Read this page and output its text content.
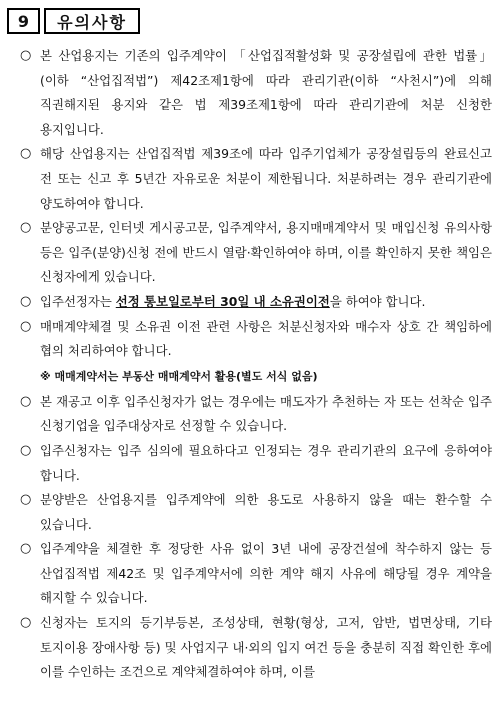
9	유의사항
○ 본 산업용지는 기존의 입주계약이 「산업집적활성화 및 공장설립에 관한 법률」(이하 “산업집적법”) 제42조제1항에 따라 관리기관(이하 “사천시”)에 의해 직권해지된 용지와 같은 법 제39조제1항에 따라 관리기관에 처분 신청한 용지입니다.
○ 해당 산업용지는 산업집적법 제39조에 따라 입주기업체가 공장설립등의 완료신고 전 또는 신고 후 5년간 자유로운 처분이 제한됩니다. 처분하려는 경우 관리기관에 양도하여야 합니다.
○ 분양공고문, 인터넷 게시공고문, 입주계약서, 용지매매계약서 및 매입신청 유의사항 등은 입주(분양)신청 전에 반드시 열람·확인하여야 하며, 이를 확인하지 못한 책임은 신청자에게 있습니다.
○ 입주선정자는 선정 통보일로부터 30일 내 소유권이전을 하여야 합니다.
○ 매매계약체결 및 소유권 이전 관련 사항은 처분신청자와 매수자 상호 간 책임하에 협의 처리하여야 합니다.
※ 매매계약서는 부동산 매매계약서 활용(별도 서식 없음)
○ 본 재공고 이후 입주신청자가 없는 경우에는 매도자가 추천하는 자 또는 선착순 입주 신청기업을 입주대상자로 선정할 수 있습니다.
○ 입주신청자는 입주 심의에 필요하다고 인정되는 경우 관리기관의 요구에 응하여야 합니다.
○ 분양받은 산업용지를 입주계약에 의한 용도로 사용하지 않을 때는 환수할 수 있습니다.
○ 입주계약을 체결한 후 정당한 사유 없이 3년 내에 공장건설에 착수하지 않는 등 산업집적법 제42조 및 입주계약서에 의한 계약 해지 사유에 해당될 경우 계약을 해지할 수 있습니다.
○ 신청자는 토지의 등기부등본, 조성상태, 현황(형상, 고저, 암반, 법면상태, 기타 토지이용 장애사항 등) 및 사업지구 내·외의 입지 여건 등을 충분히 직접 확인한 후에 이를 수인하는 조건으로 계약체결하여야 하며, 이를
